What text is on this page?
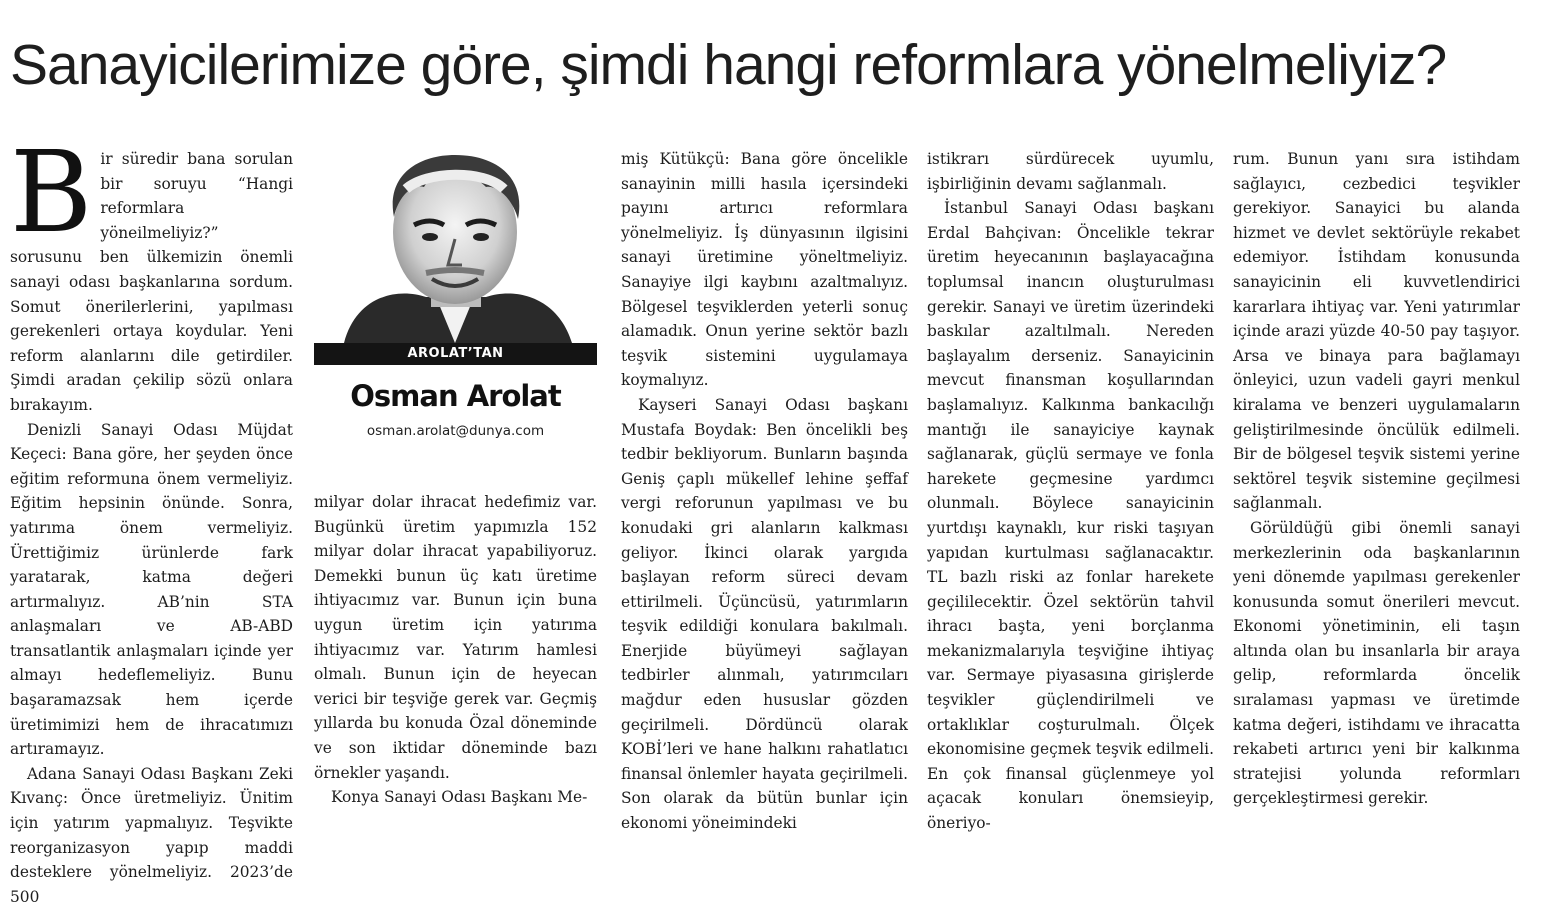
Sanayicilerimize göre, şimdi hangi reformlara yönelmeliyiz?

Bir süredir bana sorulan bir soruyu “Hangi reformlara yöneilmeliyiz?” sorusunu ben ülkemizin önemli sanayi odası başkanlarına sordum. Somut önerilerlerini, yapılması gerekenleri ortaya koydular. Yeni reform alanlarını dile getirdiler. Şimdi aradan çekilip sözü onlara bırakayım.

Denizli Sanayi Odası Müjdat Keçeci: Bana göre, her şeyden önce eğitim reformuna önem vermeliyiz. Eğitim hepsinin önünde. Sonra, yatırıma önem vermeliyiz. Ürettiğimiz ürünlerde fark yaratarak, katma değeri artırmalıyız. AB’nin STA anlaşmaları ve AB-ABD transatlantik anlaşmaları içinde yer almayı hedeflemeliyiz. Bunu başaramazsak hem içerde üretimimizi hem de ihracatımızı artıramayız.

Adana Sanayi Odası Başkanı Zeki Kıvanç: Önce üretmeliyiz. Ünitim için yatırım yapmalıyız. Teşvikte reorganizasyon yapıp maddi desteklere yönelmeliyiz. 2023’de 500

AROLAT’TAN
Osman Arolat
osman.arolat@dunya.com

milyar dolar ihracat hedefimiz var. Bugünkü üretim yapımızla 152 milyar dolar ihracat yapabiliyoruz. Demekki bunun üç katı üretime ihtiyacımız var. Bunun için buna uygun üretim için yatırıma ihtiyacımız var. Yatırım hamlesi olmalı. Bunun için de heyecan verici bir teşviğe gerek var. Geçmiş yıllarda bu konuda Özal döneminde ve son iktidar döneminde bazı örnekler yaşandı.

Konya Sanayi Odası Başkanı Me-

miş Kütükçü: Bana göre öncelikle sanayinin milli hasıla içersindeki payını artırıcı reformlara yönelmeliyiz. İş dünyasının ilgisini sanayi üretimine yöneltmeliyiz. Sanayiye ilgi kaybını azaltmalıyız. Bölgesel teşviklerden yeterli sonuç alamadık. Onun yerine sektör bazlı teşvik sistemini uygulamaya koymalıyız.

Kayseri Sanayi Odası başkanı Mustafa Boydak: Ben öncelikli beş tedbir bekliyorum. Bunların başında Geniş çaplı mükellef lehine şeffaf vergi reforunun yapılması ve bu konudaki gri alanların kalkması geliyor. İkinci olarak yargıda başlayan reform süreci devam ettirilmeli. Üçüncüsü, yatırımların teşvik edildiği konulara bakılmalı. Enerjide büyümeyi sağlayan tedbirler alınmalı, yatırımcıları mağdur eden hususlar gözden geçirilmeli. Dördüncü olarak KOBİ’leri ve hane halkını rahatlatıcı finansal önlemler hayata geçirilmeli. Son olarak da bütün bunlar için ekonomi yöneimindeki

istikrarı sürdürecek uyumlu, işbirliğinin devamı sağlanmalı.

İstanbul Sanayi Odası başkanı Erdal Bahçivan: Öncelikle tekrar üretim heyecanının başlayacağına toplumsal inancın oluşturulması gerekir. Sanayi ve üretim üzerindeki baskılar azaltılmalı. Nereden başlayalım derseniz. Sanayicinin mevcut finansman koşullarından başlamalıyız. Kalkınma bankacılığı mantığı ile sanayiciye kaynak sağlanarak, güçlü sermaye ve fonla harekete geçmesine yardımcı olunmalı. Böylece sanayicinin yurtdışı kaynaklı, kur riski taşıyan yapıdan kurtulması sağlanacaktır. TL bazlı riski az fonlar harekete geçililecektir. Özel sektörün tahvil ihracı başta, yeni borçlanma mekanizmalarıyla teşviğine ihtiyaç var. Sermaye piyasasına girişlerde teşvikler güçlendirilmeli ve ortaklıklar coşturulmalı. Ölçek ekonomisine geçmek teşvik edilmeli. En çok finansal güçlenmeye yol açacak konuları önemsieyip, öneriyo-

rum. Bunun yanı sıra istihdam sağlayıcı, cezbedici teşvikler gerekiyor. Sanayici bu alanda hizmet ve devlet sektörüyle rekabet edemiyor. İstihdam konusunda sanayicinin eli kuvvetlendirici kararlara ihtiyaç var. Yeni yatırımlar içinde arazi yüzde 40-50 pay taşıyor. Arsa ve binaya para bağlamayı önleyici, uzun vadeli gayri menkul kiralama ve benzeri uygulamaların geliştirilmesinde öncülük edilmeli. Bir de bölgesel teşvik sistemi yerine sektörel teşvik sistemine geçilmesi sağlanmalı.

Görüldüğü gibi önemli sanayi merkezlerinin oda başkanlarının yeni dönemde yapılması gerekenler konusunda somut önerileri mevcut. Ekonomi yönetiminin, eli taşın altında olan bu insanlarla bir araya gelip, reformlarda öncelik sıralaması yapması ve üretimde katma değeri, istihdamı ve ihracatta rekabeti artırıcı yeni bir kalkınma stratejisi yolunda reformları gerçekleştirmesi gerekir.
